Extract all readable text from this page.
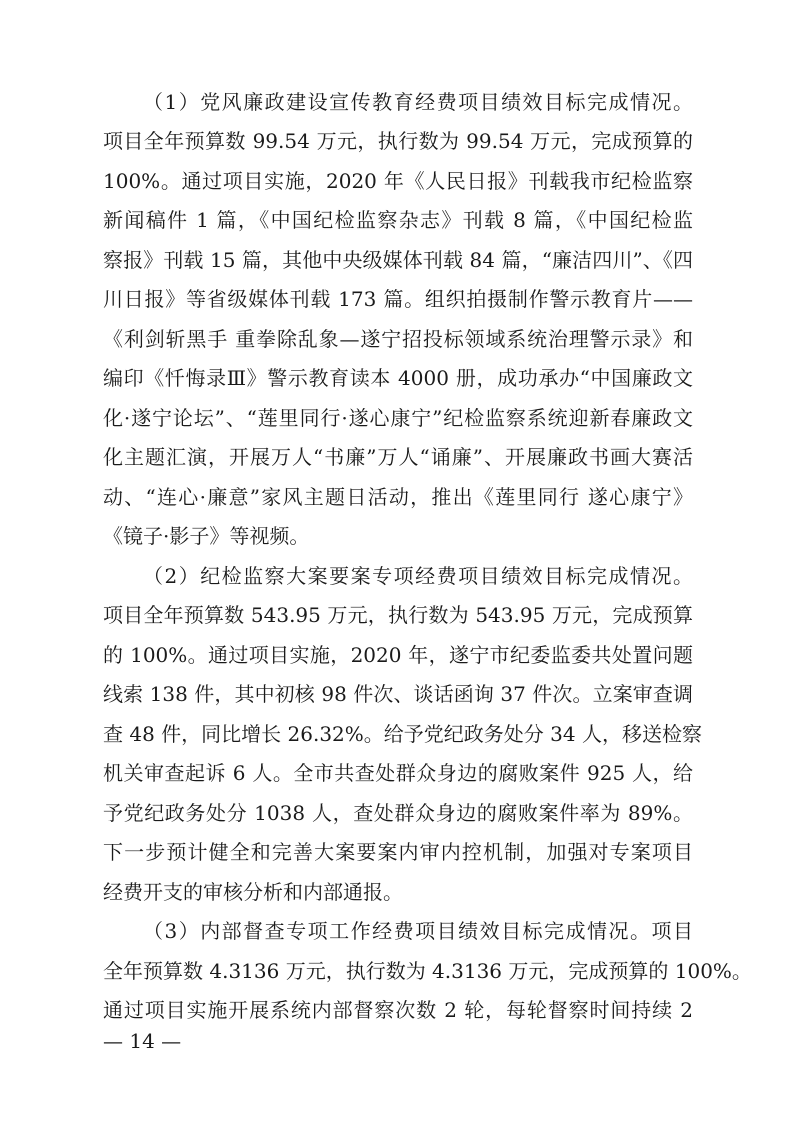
（1）党风廉政建设宣传教育经费项目绩效目标完成情况。
项目全年预算数 99.54 万元，执行数为 99.54 万元，完成预算的
100%。通过项目实施，2020 年《人民日报》刊载我市纪检监察
新闻稿件 1 篇，《中国纪检监察杂志》刊载 8 篇，《中国纪检监
察报》刊载 15 篇，其他中央级媒体刊载 84 篇，“廉洁四川”、《四
川日报》等省级媒体刊载 173 篇。组织拍摄制作警示教育片——
《利剑斩黑手 重拳除乱象—遂宁招投标领域系统治理警示录》和
编印《忏悔录Ⅲ》警示教育读本 4000 册，成功承办“中国廉政文
化·遂宁论坛”、“莲里同行·遂心康宁”纪检监察系统迎新春廉政文
化主题汇演，开展万人“书廉”万人“诵廉”、开展廉政书画大赛活
动、“连心·廉意”家风主题日活动，推出《莲里同行 遂心康宁》
《镜子·影子》等视频。
（2）纪检监察大案要案专项经费项目绩效目标完成情况。
项目全年预算数 543.95 万元，执行数为 543.95 万元，完成预算
的 100%。通过项目实施，2020 年，遂宁市纪委监委共处置问题
线索 138 件，其中初核 98 件次、谈话函询 37 件次。立案审查调
查 48 件，同比增长 26.32%。给予党纪政务处分 34 人，移送检察
机关审查起诉 6 人。全市共查处群众身边的腐败案件 925 人，给
予党纪政务处分 1038 人，查处群众身边的腐败案件率为 89%。
下一步预计健全和完善大案要案内审内控机制，加强对专案项目
经费开支的审核分析和内部通报。
（3）内部督查专项工作经费项目绩效目标完成情况。项目
全年预算数 4.3136 万元，执行数为 4.3136 万元，完成预算的 100%。
通过项目实施开展系统内部督察次数 2 轮，每轮督察时间持续 2
— 14 —
